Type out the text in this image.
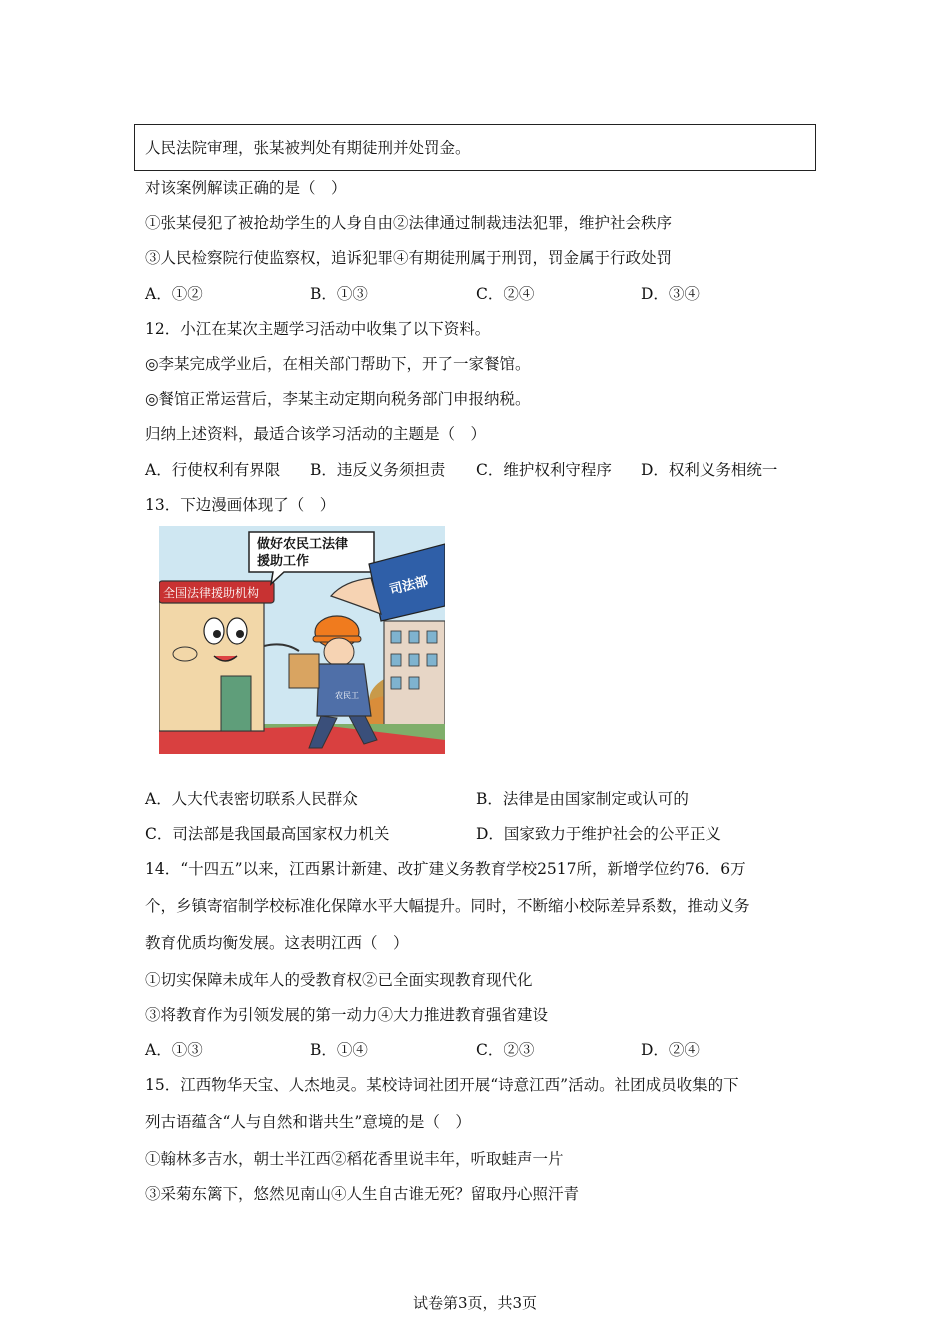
人民法院审理，张某被判处有期徒刑并处罚金。
对该案例解读正确的是（　）
①张某侵犯了被抢劫学生的人身自由②法律通过制裁违法犯罪，维护社会秩序
③人民检察院行使监察权，追诉犯罪④有期徒刑属于刑罚，罚金属于行政处罚
A．①②	B．①③	C．②④	D．③④
12．小江在某次主题学习活动中收集了以下资料。
◎李某完成学业后，在相关部门帮助下，开了一家餐馆。
◎餐馆正常运营后，李某主动定期向税务部门申报纳税。
归纳上述资料，最适合该学习活动的主题是（　）
A．行使权利有界限 B．违反义务须担责 C．维护权利守程序 D．权利义务相统一
13．下边漫画体现了（　）
全国法律援助机构
做好农民工法律
援助工作
司法部
农民工
A．人大代表密切联系人民群众	B．法律是由国家制定或认可的
C．司法部是我国最高国家权力机关	D．国家致力于维护社会的公平正义
14．“十四五”以来，江西累计新建、改扩建义务教育学校2517所，新增学位约76．6万
个，乡镇寄宿制学校标准化保障水平大幅提升。同时，不断缩小校际差异系数，推动义务
教育优质均衡发展。这表明江西（　）
①切实保障未成年人的受教育权②已全面实现教育现代化
③将教育作为引领发展的第一动力④大力推进教育强省建设
A．①③	B．①④	C．②③	D．②④
15．江西物华天宝、人杰地灵。某校诗词社团开展“诗意江西”活动。社团成员收集的下
列古语蕴含“人与自然和谐共生”意境的是（　）
①翰林多吉水，朝士半江西②稻花香里说丰年，听取蛙声一片
③采菊东篱下，悠然见南山④人生自古谁无死？留取丹心照汗青
试卷第3页，共3页
